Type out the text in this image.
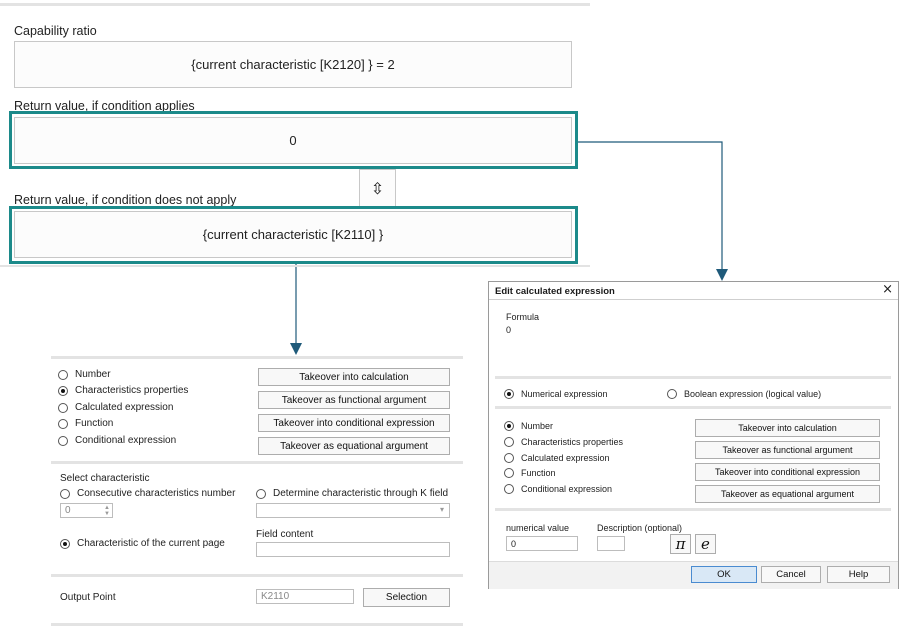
Capability ratio
{current characteristic [K2120] } = 2
Return value, if condition applies
0
⇳
Return value, if condition does not apply
{current characteristic [K2110] }
Number
Characteristics properties
Calculated expression
Function
Conditional expression
Takeover into calculation
Takeover as functional argument
Takeover into conditional expression
Takeover as equational argument
Select characteristic
Consecutive characteristics number	Determine characteristic through K field
0	▲
▼	▾
Characteristic of the current page
Field content
Output Point	K2110	Selection
Edit calculated expression	×
Formula
0
Numerical expression	Boolean expression (logical value)
Number
Characteristics properties
Calculated expression
Function
Conditional expression
Takeover into calculation
Takeover as functional argument
Takeover into conditional expression
Takeover as equational argument
numerical value	Description (optional)
0	π	e
OK	Cancel	Help
